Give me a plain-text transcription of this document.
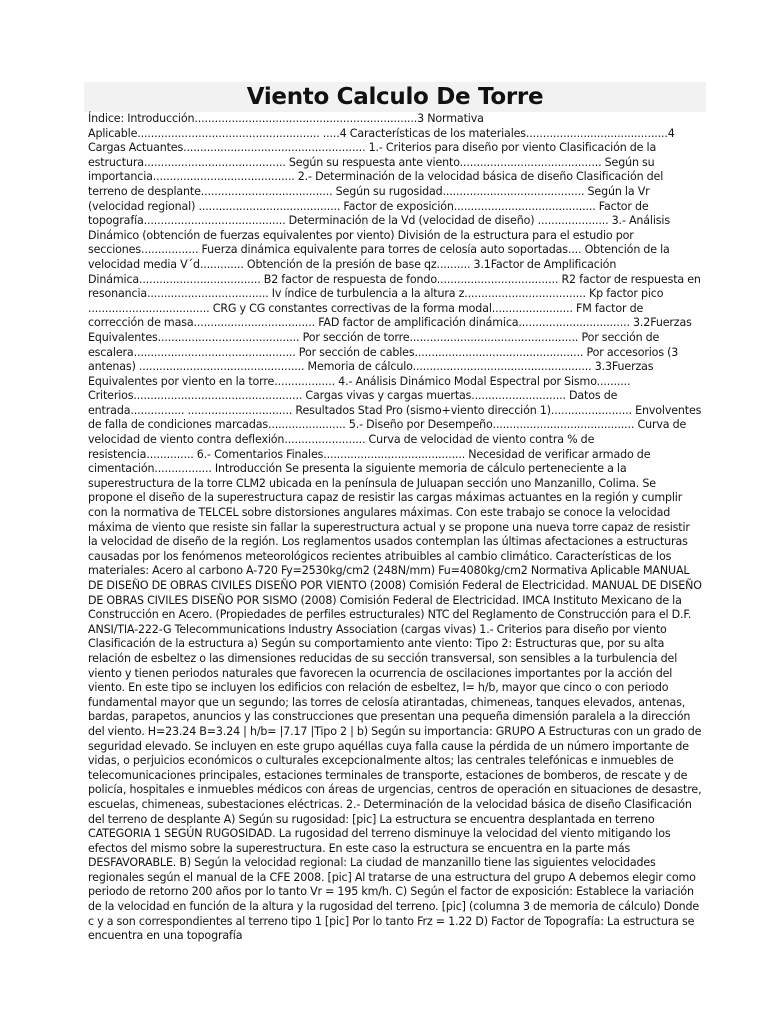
Viento Calculo De Torre

Índice: Introducción..................................................................3 Normativa Aplicable...................................................... .....4 Características de los materiales..........................................4 Cargas Actuantes...................................................... 1.- Criterios para diseño por viento Clasificación de la estructura.......................................... Según su respuesta ante viento.......................................... Según su importancia.......................................... 2.- Determinación de la velocidad básica de diseño Clasificación del terreno de desplante....................................... Según su rugosidad.......................................... Según la Vr (velocidad regional) .......................................... Factor de exposición.......................................... Factor de topografía.......................................... Determinación de la Vd (velocidad de diseño) ..................... 3.- Análisis Dinámico (obtención de fuerzas equivalentes por viento) División de la estructura para el estudio por secciones................. Fuerza dinámica equivalente para torres de celosía auto soportadas.... Obtención de la velocidad media V´d............. Obtención de la presión de base qz.......... 3.1Factor de Amplificación Dinámica.................................... B2 factor de respuesta de fondo.................................... R2 factor de respuesta en resonancia.................................... Iv índice de turbulencia a la altura z.................................... Kp factor pico .................................... CRG y CG constantes correctivas de la forma modal........................ FM factor de corrección de masa.................................... FAD factor de amplificación dinámica................................. 3.2Fuerzas Equivalentes.......................................... Por sección de torre.................................................. Por sección de escalera................................................ Por sección de cables.................................................. Por accesorios (3 antenas) ................................................. Memoria de cálculo..................................................... 3.3Fuerzas Equivalentes por viento en la torre.................. 4.- Análisis Dinámico Modal Espectral por Sismo.......... Criterios.................................................. Cargas vivas y cargas muertas............................ Datos de entrada................ ............................... Resultados Stad Pro (sismo+viento dirección 1)........................ Envolventes de falla de condiciones marcadas....................... 5.- Diseño por Desempeño.......................................... Curva de velocidad de viento contra deflexión........................ Curva de velocidad de viento contra % de resistencia.............. 6.- Comentarios Finales.......................................... Necesidad de verificar armado de cimentación................. Introducción Se presenta la siguiente memoria de cálculo perteneciente a la superestructura de la torre CLM2 ubicada en la península de Juluapan sección uno Manzanillo, Colima. Se propone el diseño de la superestructura capaz de resistir las cargas máximas actuantes en la región y cumplir con la normativa de TELCEL sobre distorsiones angulares máximas. Con este trabajo se conoce la velocidad máxima de viento que resiste sin fallar la superestructura actual y se propone una nueva torre capaz de resistir la velocidad de diseño de la región. Los reglamentos usados contemplan las últimas afectaciones a estructuras causadas por los fenómenos meteorológicos recientes atribuibles al cambio climático. Características de los materiales: Acero al carbono A-720 Fy=2530kg/cm2 (248N/mm) Fu=4080kg/cm2 Normativa Aplicable MANUAL DE DISEÑO DE OBRAS CIVILES DISEÑO POR VIENTO (2008) Comisión Federal de Electricidad. MANUAL DE DISEÑO DE OBRAS CIVILES DISEÑO POR SISMO (2008) Comisión Federal de Electricidad. IMCA Instituto Mexicano de la Construcción en Acero. (Propiedades de perfiles estructurales) NTC del Reglamento de Construcción para el D.F. ANSI/TIA-222-G Telecommunications Industry Association (cargas vivas) 1.- Criterios para diseño por viento Clasificación de la estructura a) Según su comportamiento ante viento: Tipo 2: Estructuras que, por su alta relación de esbeltez o las dimensiones reducidas de su sección transversal, son sensibles a la turbulencia del viento y tienen periodos naturales que favorecen la ocurrencia de oscilaciones importantes por la acción del viento. En este tipo se incluyen los edificios con relación de esbeltez, l= h/b, mayor que cinco o con periodo fundamental mayor que un segundo; las torres de celosía atirantadas, chimeneas, tanques elevados, antenas, bardas, parapetos, anuncios y las construcciones que presentan una pequeña dimensión paralela a la dirección del viento. H=23.24 B=3.24 | h/b= |7.17 |Tipo 2 | b) Según su importancia: GRUPO A Estructuras con un grado de seguridad elevado. Se incluyen en este grupo aquéllas cuya falla cause la pérdida de un número importante de vidas, o perjuicios económicos o culturales excepcionalmente altos; las centrales telefónicas e inmuebles de telecomunicaciones principales, estaciones terminales de transporte, estaciones de bomberos, de rescate y de policía, hospitales e inmuebles médicos con áreas de urgencias, centros de operación en situaciones de desastre, escuelas, chimeneas, subestaciones eléctricas. 2.- Determinación de la velocidad básica de diseño Clasificación del terreno de desplante A) Según su rugosidad: [pic] La estructura se encuentra desplantada en terreno CATEGORIA 1 SEGÚN RUGOSIDAD. La rugosidad del terreno disminuye la velocidad del viento mitigando los efectos del mismo sobre la superestructura. En este caso la estructura se encuentra en la parte más DESFAVORABLE. B) Según la velocidad regional: La ciudad de manzanillo tiene las siguientes velocidades regionales según el manual de la CFE 2008. [pic] Al tratarse de una estructura del grupo A debemos elegir como periodo de retorno 200 años por lo tanto Vr = 195 km/h. C) Según el factor de exposición: Establece la variación de la velocidad en función de la altura y la rugosidad del terreno. [pic] (columna 3 de memoria de cálculo) Donde c y a son correspondientes al terreno tipo 1 [pic] Por lo tanto Frz = 1.22 D) Factor de Topografía: La estructura se encuentra en una topografía
